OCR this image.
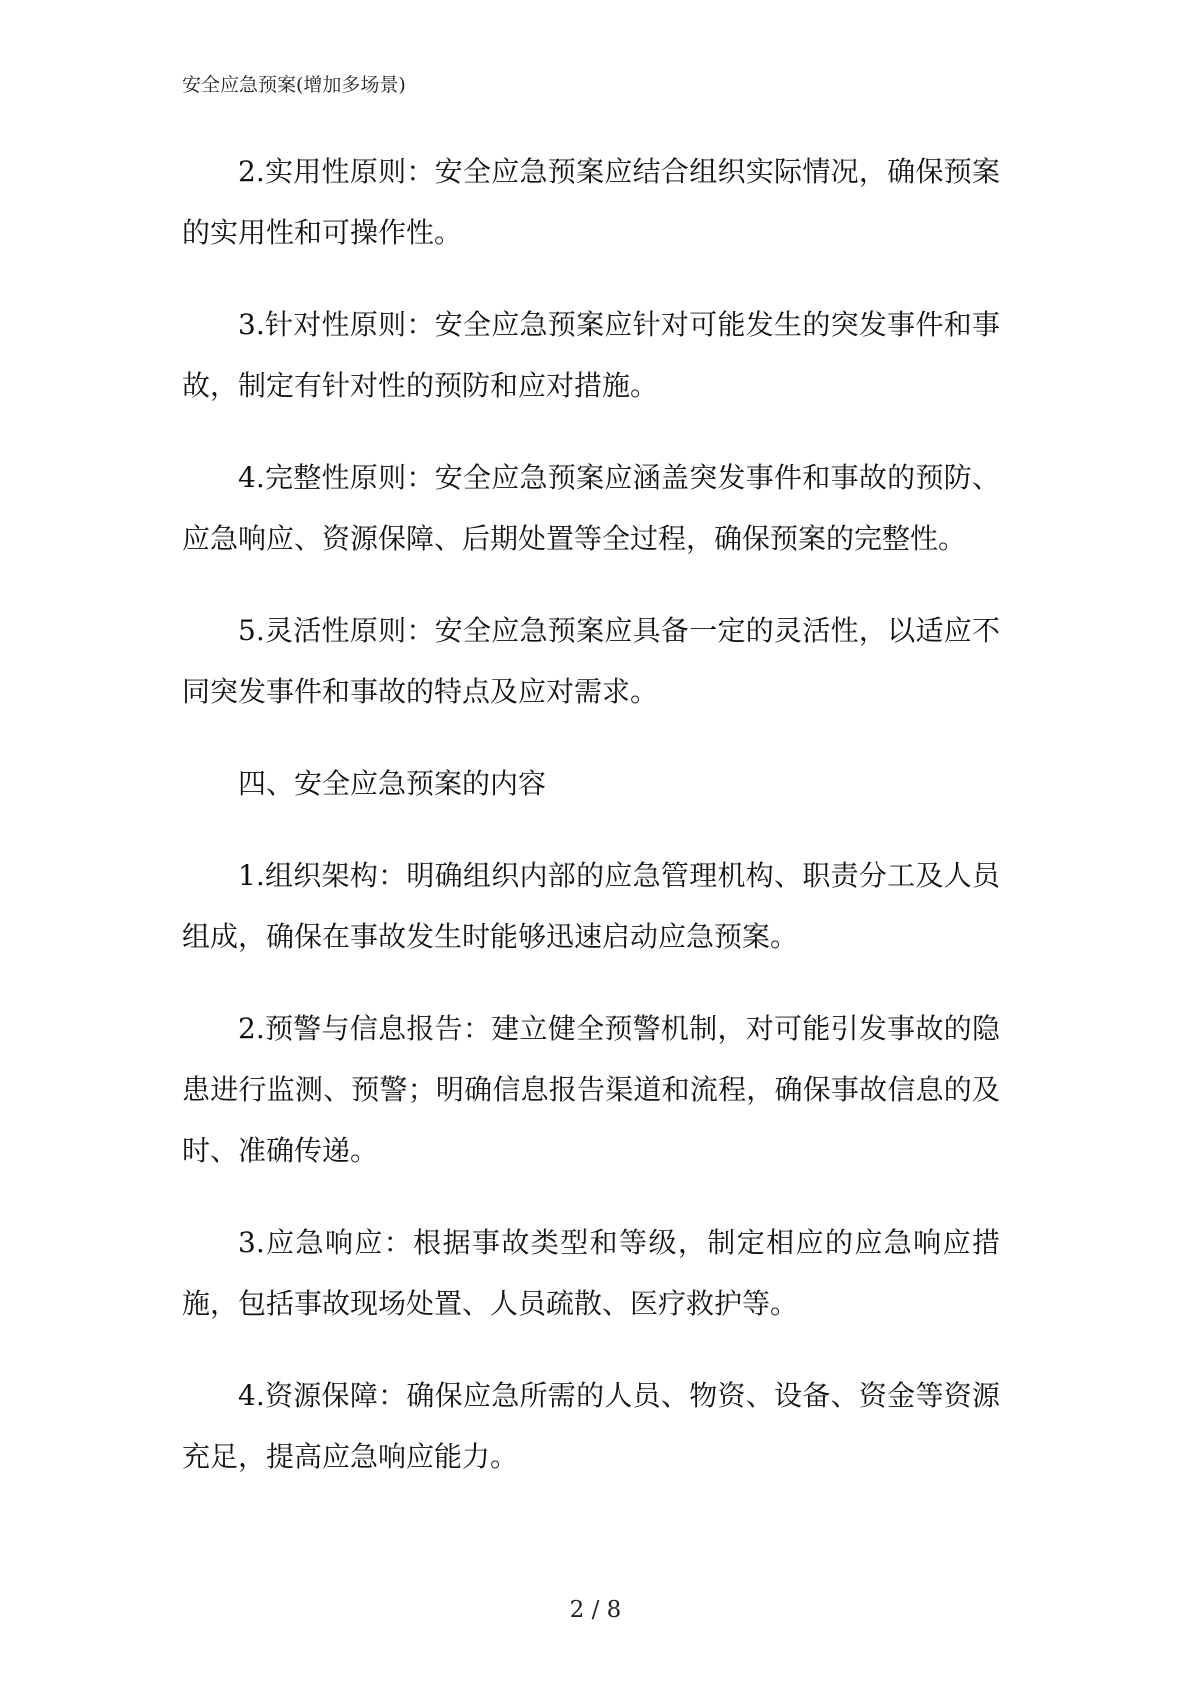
安全应急预案(增加多场景)

2.实用性原则：安全应急预案应结合组织实际情况，确保预案的实用性和可操作性。

3.针对性原则：安全应急预案应针对可能发生的突发事件和事故，制定有针对性的预防和应对措施。

4.完整性原则：安全应急预案应涵盖突发事件和事故的预防、应急响应、资源保障、后期处置等全过程，确保预案的完整性。

5.灵活性原则：安全应急预案应具备一定的灵活性，以适应不同突发事件和事故的特点及应对需求。

四、安全应急预案的内容

1.组织架构：明确组织内部的应急管理机构、职责分工及人员组成，确保在事故发生时能够迅速启动应急预案。

2.预警与信息报告：建立健全预警机制，对可能引发事故的隐患进行监测、预警；明确信息报告渠道和流程，确保事故信息的及时、准确传递。

3.应急响应：根据事故类型和等级，制定相应的应急响应措施，包括事故现场处置、人员疏散、医疗救护等。

4.资源保障：确保应急所需的人员、物资、设备、资金等资源充足，提高应急响应能力。

2 / 8
